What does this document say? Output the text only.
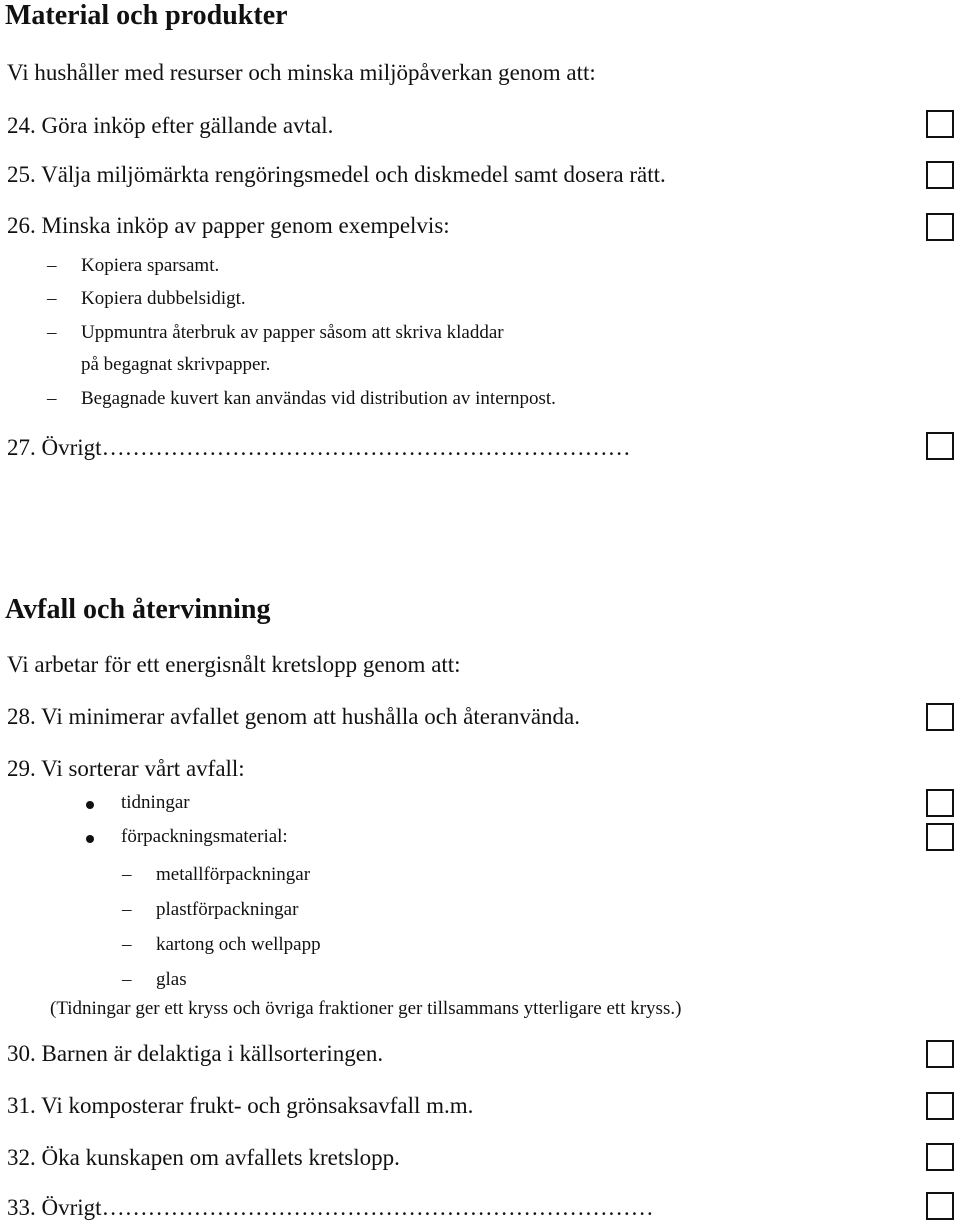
Material och produkter
Vi hushåller med resurser och minska miljöpåverkan genom att:
24. Göra inköp efter gällande avtal.
25. Välja miljömärkta rengöringsmedel och diskmedel samt dosera rätt.
26. Minska inköp av papper genom exempelvis:
– Kopiera sparsamt.
– Kopiera dubbelsidigt.
– Uppmuntra återbruk av papper såsom att skriva kladdar
på begagnat skrivpapper.
– Begagnade kuvert kan användas vid distribution av internpost.
27. Övrigt……………………………………………………………
Avfall och återvinning
Vi arbetar för ett energisnålt kretslopp genom att:
28. Vi minimerar avfallet genom att hushålla och återanvända.
29. Vi sorterar vårt avfall:
tidningar
förpackningsmaterial:
– metallförpackningar
– plastförpackningar
– kartong och wellpapp
– glas
(Tidningar ger ett kryss och övriga fraktioner ger tillsammans ytterligare ett kryss.)
30. Barnen är delaktiga i källsorteringen.
31. Vi komposterar frukt- och grönsaksavfall m.m.
32. Öka kunskapen om avfallets kretslopp.
33. Övrigt………………………………………………………………
